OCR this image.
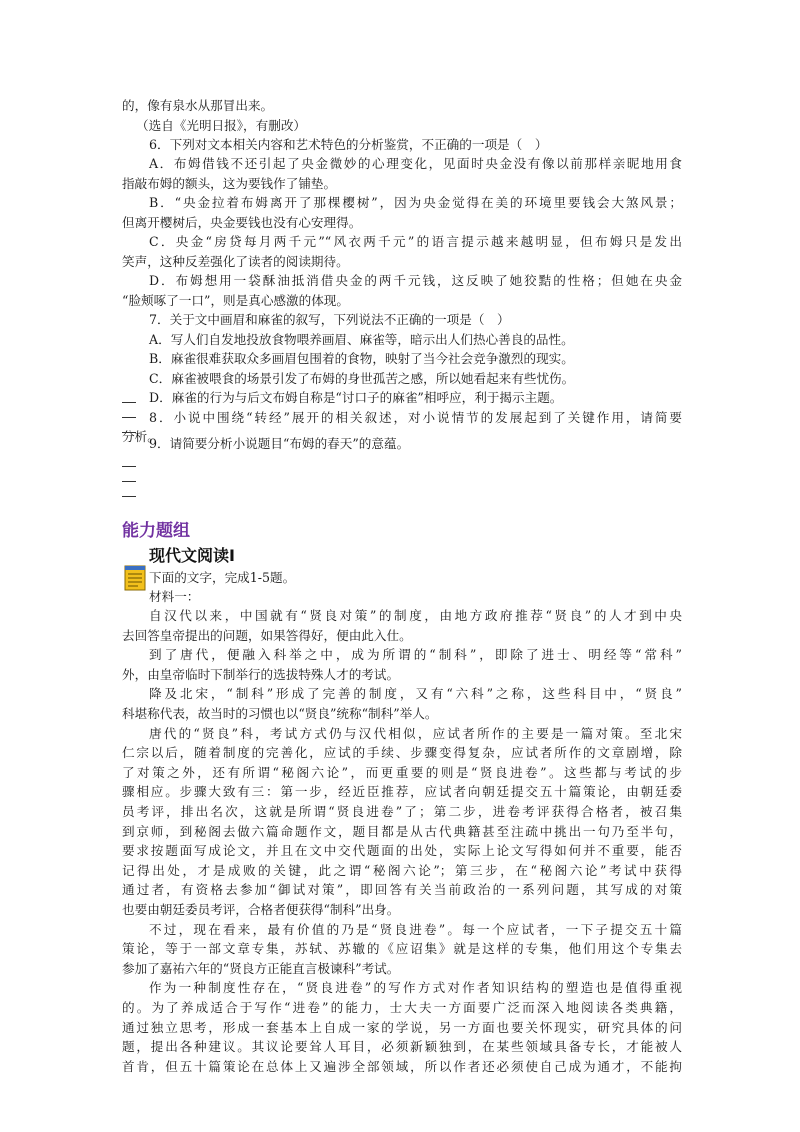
的，像有泉水从那冒出来。
（选自《光明日报》，有删改）
6．下列对文本相关内容和艺术特色的分析鉴赏，不正确的一项是（　）
A．布姆借钱不还引起了央金微妙的心理变化，见面时央金没有像以前那样亲昵地用食
指敲布姆的额头，这为要钱作了铺垫。
B．“央金拉着布姆离开了那棵樱树”，因为央金觉得在美的环境里要钱会大煞风景；
但离开樱树后，央金要钱也没有心安理得。
C．央金“房贷每月两千元”“风衣两千元”的语言提示越来越明显，但布姆只是发出
笑声，这种反差强化了读者的阅读期待。
D．布姆想用一袋酥油抵消借央金的两千元钱，这反映了她狡黠的性格；但她在央金
“脸颊啄了一口”，则是真心感激的体现。
7．关于文中画眉和麻雀的叙写，下列说法不正确的一项是（　）
A．写人们自发地投放食物喂养画眉、麻雀等，暗示出人们热心善良的品性。
B．麻雀很难获取众多画眉包围着的食物，映射了当今社会竞争激烈的现实。
C．麻雀被喂食的场景引发了布姆的身世孤苦之感，所以她看起来有些忧伤。
D．麻雀的行为与后文布姆自称是“讨口子的麻雀”相呼应，利于揭示主题。
8．小说中围绕“转经”展开的相关叙述，对小说情节的发展起到了关键作用，请简要
分析。
9．请简要分析小说题目“布姆的春天”的意蕴。
能力题组
现代文阅读I
下面的文字，完成1-5题。
材料一：
自汉代以来，中国就有“贤良对策”的制度，由地方政府推荐“贤良”的人才到中央
去回答皇帝提出的问题，如果答得好，便由此入仕。
到了唐代，便融入科举之中，成为所谓的“制科”，即除了进士、明经等“常科”
外，由皇帝临时下制举行的选拔特殊人才的考试。
降及北宋，“制科”形成了完善的制度，又有“六科”之称，这些科目中，“贤良”
科堪称代表，故当时的习惯也以“贤良”统称“制科”举人。
唐代的“贤良”科，考试方式仍与汉代相似，应试者所作的主要是一篇对策。至北宋
仁宗以后，随着制度的完善化，应试的手续、步骤变得复杂，应试者所作的文章剧增，除
了对策之外，还有所谓“秘阁六论”，而更重要的则是“贤良进卷”。这些都与考试的步
骤相应。步骤大致有三：第一步，经近臣推荐，应试者向朝廷提交五十篇策论，由朝廷委
员考评，排出名次，这就是所谓“贤良进卷”了；第二步，进卷考评获得合格者，被召集
到京师，到秘阁去做六篇命题作文，题目都是从古代典籍甚至注疏中挑出一句乃至半句，
要求按题面写成论文，并且在文中交代题面的出处，实际上论文写得如何并不重要，能否
记得出处，才是成败的关键，此之谓“秘阁六论”；第三步，在“秘阁六论”考试中获得
通过者，有资格去参加“御试对策”，即回答有关当前政治的一系列问题，其写成的对策
也要由朝廷委员考评，合格者便获得“制科”出身。
不过，现在看来，最有价值的乃是“贤良进卷”。每一个应试者，一下子提交五十篇
策论，等于一部文章专集，苏轼、苏辙的《应诏集》就是这样的专集，他们用这个专集去
参加了嘉祐六年的“贤良方正能直言极谏科”考试。
作为一种制度性存在，“贤良进卷”的写作方式对作者知识结构的塑造也是值得重视
的。为了养成适合于写作“进卷”的能力，士大夫一方面要广泛而深入地阅读各类典籍，
通过独立思考，形成一套基本上自成一家的学说，另一方面也要关怀现实，研究具体的问
题，提出各种建议。其议论要耸人耳目，必须新颖独到，在某些领域具备专长，才能被人
首肯，但五十篇策论在总体上又遍涉全部领域，所以作者还必须使自己成为通才，不能拘
